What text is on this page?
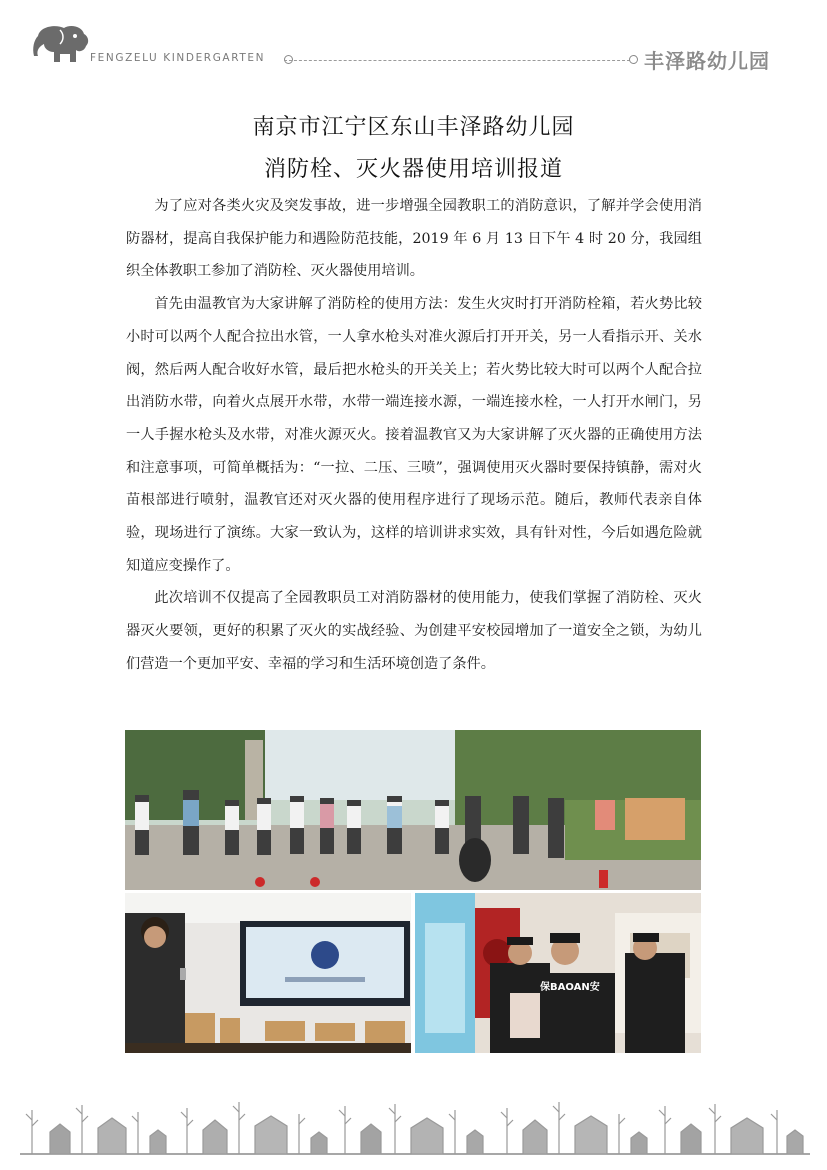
FENGZELU KINDERGARTEN	丰泽路幼儿园
南京市江宁区东山丰泽路幼儿园
消防栓、灭火器使用培训报道

为了应对各类火灾及突发事故，进一步增强全园教职工的消防意识，了解并学会使用消防器材，提高自我保护能力和遇险防范技能，2019 年 6 月 13 日下午 4 时 20 分，我园组织全体教职工参加了消防栓、灭火器使用培训。

首先由温教官为大家讲解了消防栓的使用方法：发生火灾时打开消防栓箱，若火势比较小时可以两个人配合拉出水管，一人拿水枪头对准火源后打开开关，另一人看指示开、关水阀，然后两人配合收好水管，最后把水枪头的开关关上；若火势比较大时可以两个人配合拉出消防水带，向着火点展开水带，水带一端连接水源，一端连接水栓，一人打开水闸门，另一人手握水枪头及水带，对准火源灭火。接着温教官又为大家讲解了灭火器的正确使用方法和注意事项，可简单概括为：“一拉、二压、三喷”，强调使用灭火器时要保持镇静，需对火苗根部进行喷射，温教官还对灭火器的使用程序进行了现场示范。随后，教师代表亲自体验，现场进行了演练。大家一致认为，这样的培训讲求实效，具有针对性，今后如遇危险就知道应变操作了。

此次培训不仅提高了全园教职员工对消防器材的使用能力，使我们掌握了消防栓、灭火器灭火要领，更好的积累了灭火的实战经验、为创建平安校园增加了一道安全之锁，为幼儿们营造一个更加平安、幸福的学习和生活环境创造了条件。

保BAOAN安
